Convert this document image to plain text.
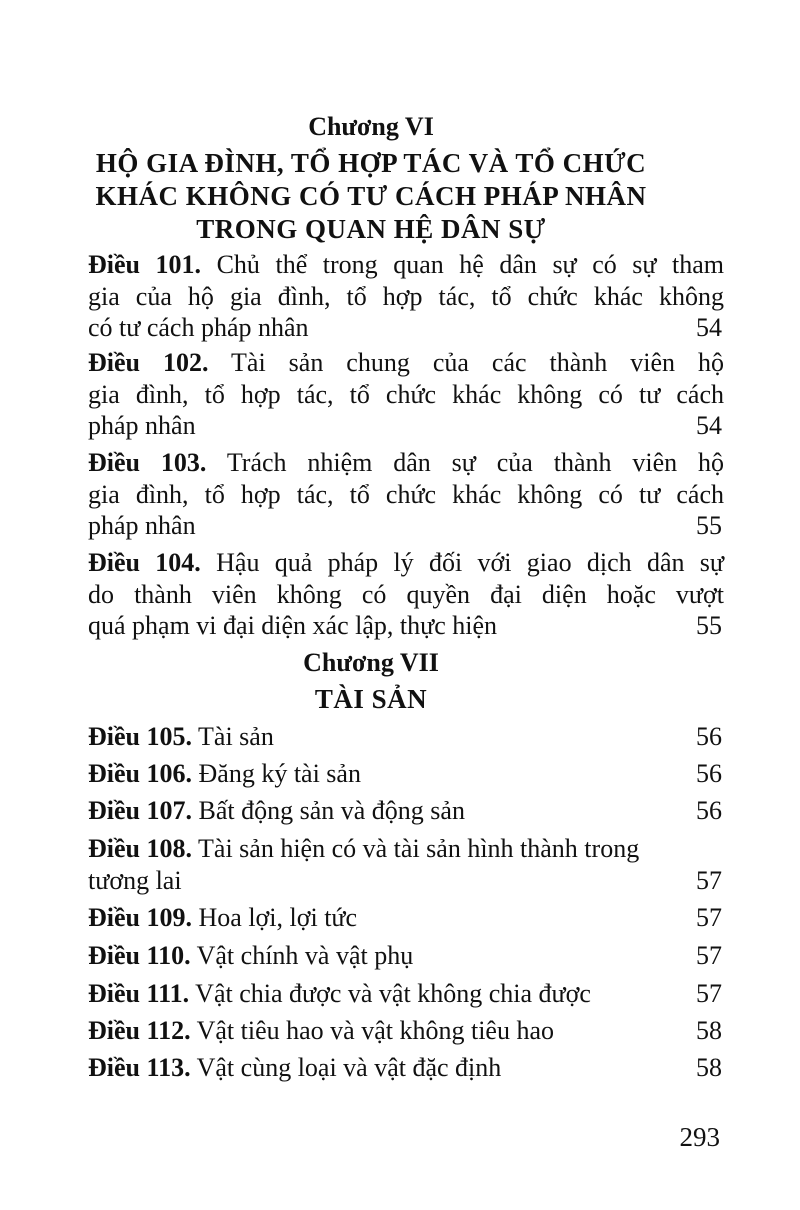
Chương VI
HỘ GIA ĐÌNH, TỔ HỢP TÁC VÀ TỔ CHỨC
KHÁC KHÔNG CÓ TƯ CÁCH PHÁP NHÂN
TRONG QUAN HỆ DÂN SỰ
Điều 101. Chủ thể trong quan hệ dân sự có sự tham
gia của hộ gia đình, tổ hợp tác, tổ chức khác không
có tư cách pháp nhân	54
Điều 102. Tài sản chung của các thành viên hộ
gia đình, tổ hợp tác, tổ chức khác không có tư cách
pháp nhân	54
Điều 103. Trách nhiệm dân sự của thành viên hộ
gia đình, tổ hợp tác, tổ chức khác không có tư cách
pháp nhân	55
Điều 104. Hậu quả pháp lý đối với giao dịch dân sự
do thành viên không có quyền đại diện hoặc vượt
quá phạm vi đại diện xác lập, thực hiện	55
Chương VII
TÀI SẢN
Điều 105. Tài sản	56
Điều 106. Đăng ký tài sản	56
Điều 107. Bất động sản và động sản	56
Điều 108. Tài sản hiện có và tài sản hình thành trong
tương lai	57
Điều 109. Hoa lợi, lợi tức	57
Điều 110. Vật chính và vật phụ	57
Điều 111. Vật chia được và vật không chia được	57
Điều 112. Vật tiêu hao và vật không tiêu hao	58
Điều 113. Vật cùng loại và vật đặc định	58
293
